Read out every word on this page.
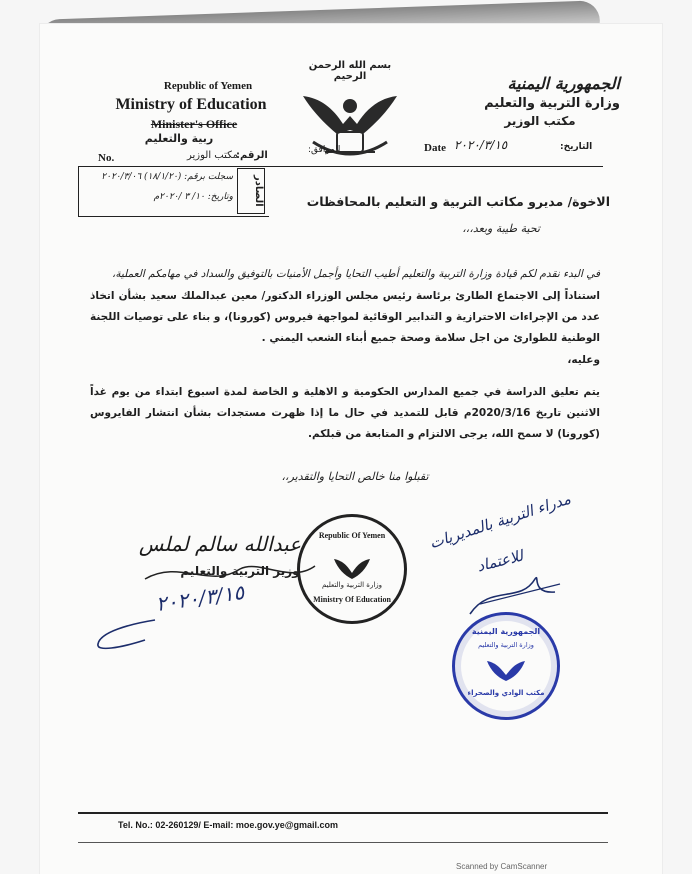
Republic of Yemen
Ministry of Education
Minister's Office
ربية والتعليم
No.	مكتب الوزير
الرقم:
بسم الله الرحمن الرحيم	الجمهورية اليمنية
وزارة التربية والتعليم
مكتب الوزير
الموافق:	Date ٢٠٢٠/٣/١٥	التاريخ:
الصادر
سجلت برقم: (١٨/١/٢٠) ٢٠٢٠/٣/٠٦
وتاريخ: ١٠/ ٣ /٢٠٢٠م	الاخوة/ مديرو مكاتب التربية و التعليم بالمحافظات
تحية طيبة وبعد،،،
في البدء نقدم لكم قيادة وزارة التربية والتعليم أطيب التحايا وأجمل الأمنيات بالتوفيق والسداد في مهامكم العملية،
استناداً إلى الاجتماع الطارئ برئاسة رئيس مجلس الوزراء الدكتور/ معين عبدالملك سعيد بشأن اتخاذ عدد من الإجراءات الاحترازية و التدابير الوقائية لمواجهة فيروس (كورونا)، و بناء على توصيات اللجنة الوطنية للطوارئ من اجل سلامة وصحة جميع أبناء الشعب اليمني .
وعليه،
يتم تعليق الدراسة في جميع المدارس الحكومية و الاهلية و الخاصة لمدة اسبوع ابتداء من يوم غداً الاثنين تاريخ 2020/3/16م قابل للتمديد في حال ما إذا ظهرت مستجدات بشأن انتشار الفايروس (كورونا) لا سمح الله، يرجى الالتزام و المتابعة من قبلكم.
تقبلوا منا خالص التحايا والتقدير،،
عبدالله سالم لملس
وزير التربية والتعليم
Republic Of Yemen
وزارة التربية والتعليم
Ministry Of Education
٢٠٢٠/٣/١٥
مدراء التربية بالمديريات
للاعتماد
الجمهورية اليمنية
وزارة التربية والتعليم
مكتب الوادي والصحراء
Tel. No.: 02-260129/ E-mail: moe.gov.ye@gmail.com
Scanned by CamScanner
